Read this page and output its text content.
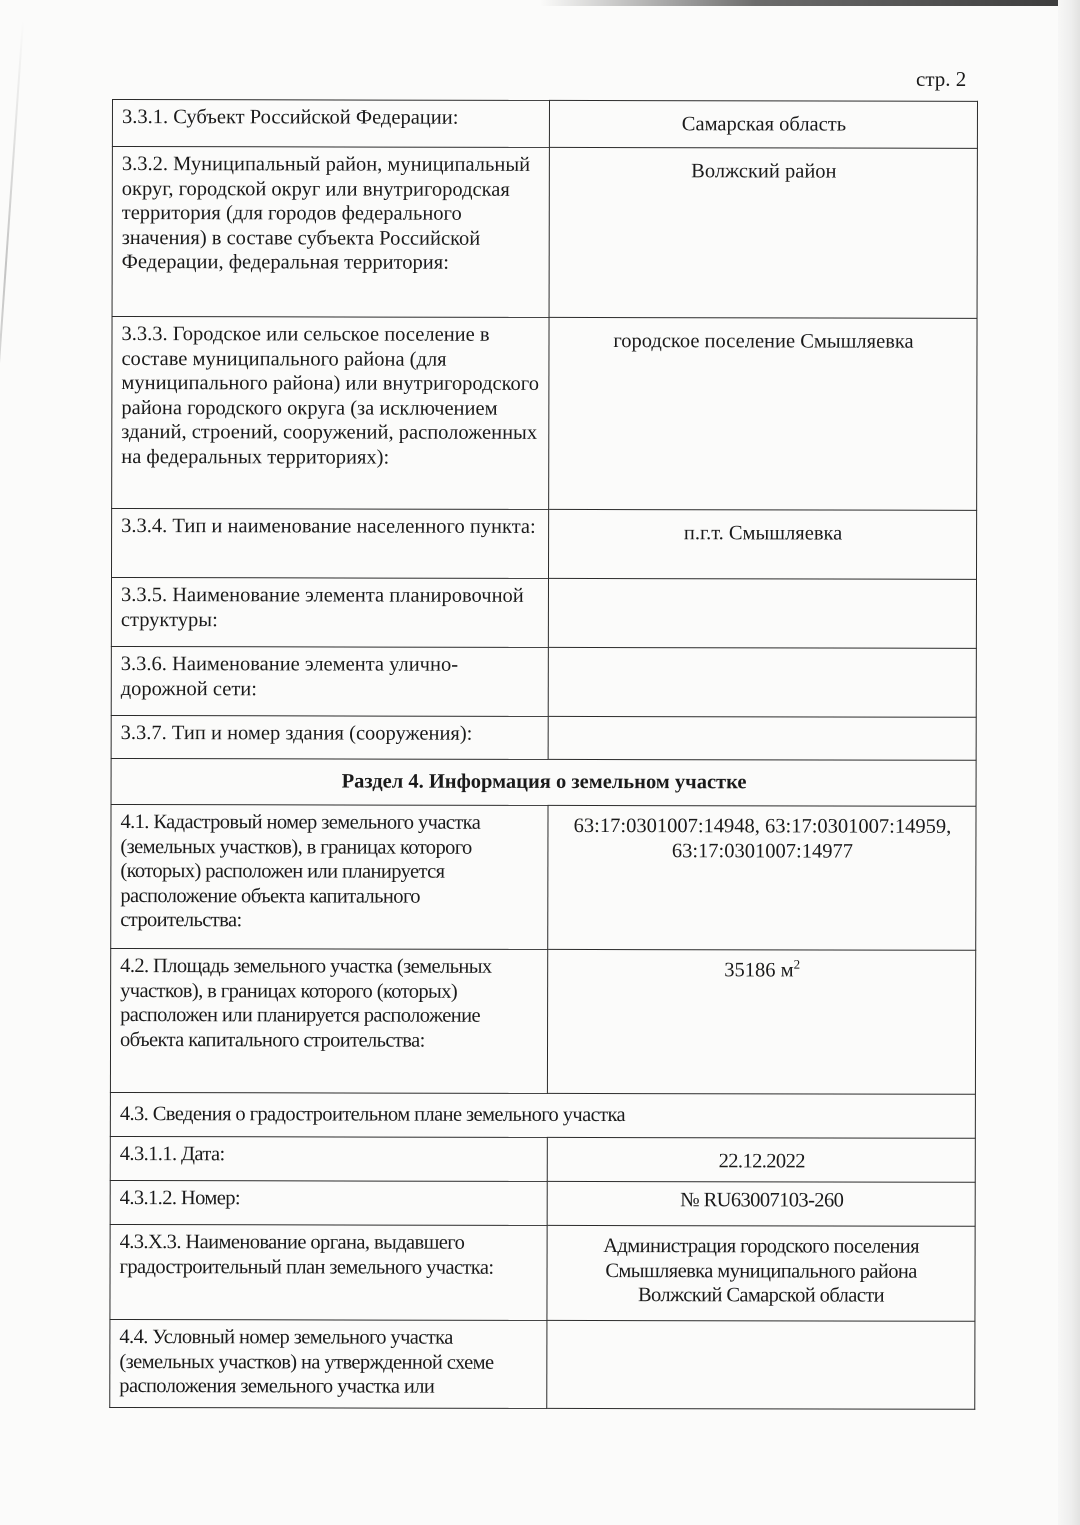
стр. 2
3.3.1. Субъект Российской Федерации:	Самарская область
3.3.2. Муниципальный район, муниципальный округ, городской округ или внутригородская территория (для городов федерального значения) в составе субъекта Российской Федерации, федеральная территория:	Волжский район
3.3.3. Городское или сельское поселение в составе муниципального района (для муниципального района) или внутригородского района городского округа (за исключением зданий, строений, сооружений, расположенных на федеральных территориях):	городское поселение Смышляевка
3.3.4. Тип и наименование населенного пункта:	п.г.т. Смышляевка
3.3.5. Наименование элемента планировочной структуры:	
3.3.6. Наименование элемента улично-дорожной сети:	
3.3.7. Тип и номер здания (сооружения):	
Раздел 4. Информация о земельном участке	
4.1. Кадастровый номер земельного участка (земельных участков), в границах которого (которых) расположен или планируется расположение объекта капитального строительства:	63:17:0301007:14948, 63:17:0301007:14959,
63:17:0301007:14977

4.2. Площадь земельного участка (земельных участков), в границах которого (которых) расположен или планируется расположение объекта капитального строительства:	35186 $м^2$
4.3. Сведения о градостроительном плане земельного участка	
4.3.1.1. Дата:	22.12.2022
4.3.1.2. Номер:	№ RU63007103-260
4.3.X.3. Наименование органа, выдавшего градостроительный план земельного участка:	Администрация городского поселения Смышляевка муниципального района Волжский Самарской области
4.4. Условный номер земельного участка (земельных участков) на утвержденной схеме расположения земельного участка или	
